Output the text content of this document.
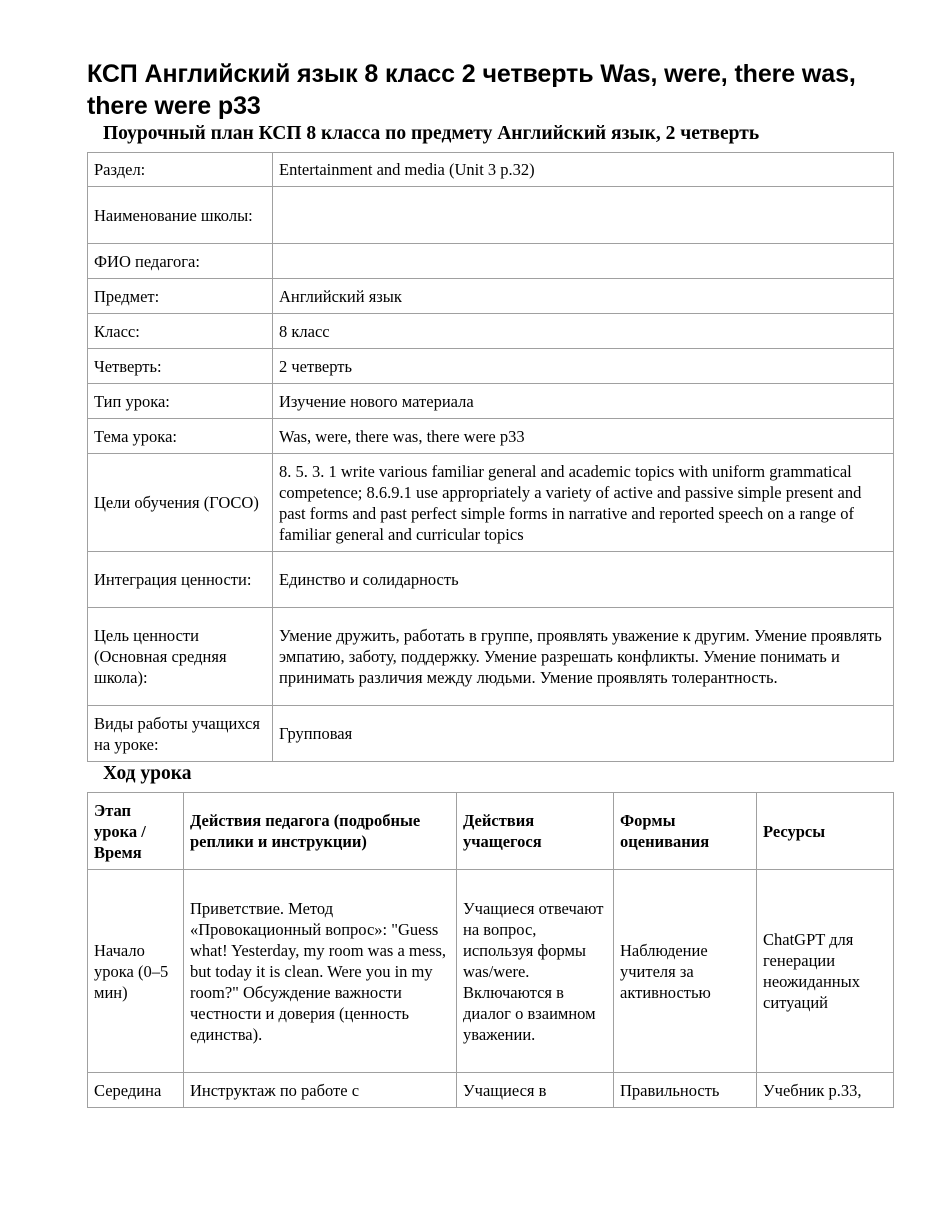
КСП Английский язык 8 класс 2 четверть Was, were, there was, there were p33
Поурочный план КСП 8 класса по предмету Английский язык, 2 четверть
Раздел:	Entertainment and media (Unit 3 p.32)
Наименование школы:	
ФИО педагога:	
Предмет:	Английский язык
Класс:	8 класс
Четверть:	2 четверть
Тип урока:	Изучение нового материала
Тема урока:	Was, were, there was, there were p33
Цели обучения (ГОСО)	8. 5. 3. 1 write various familiar general and academic topics with uniform grammatical competence; 8.6.9.1 use appropriately a variety of active and passive simple present and past forms and past perfect simple forms in narrative and reported speech on a range of familiar general and curricular topics
Интеграция ценности:	Единство и солидарность
Цель ценности (Основная средняя школа):	Умение дружить, работать в группе, проявлять уважение к другим. Умение проявлять эмпатию, заботу, поддержку. Умение разрешать конфликты. Умение понимать и принимать различия между людьми. Умение проявлять толерантность.
Виды работы учащихся на уроке:	Групповая
Ход урока
Этап урока / Время	Действия педагога (подробные реплики и инструкции)	Действия учащегося	Формы оценивания	Ресурсы
Начало урока (0–5 мин)	Приветствие. Метод «Провокационный вопрос»: "Guess what! Yesterday, my room was a mess, but today it is clean. Were you in my room?" Обсуждение важности честности и доверия (ценность единства).	Учащиеся отвечают на вопрос, используя формы was/were. Включаются в диалог о взаимном уважении.	Наблюдение учителя за активностью	ChatGPT для генерации неожиданных ситуаций
Середина	Инструктаж по работе с	Учащиеся в	Правильность	Учебник р.33,
